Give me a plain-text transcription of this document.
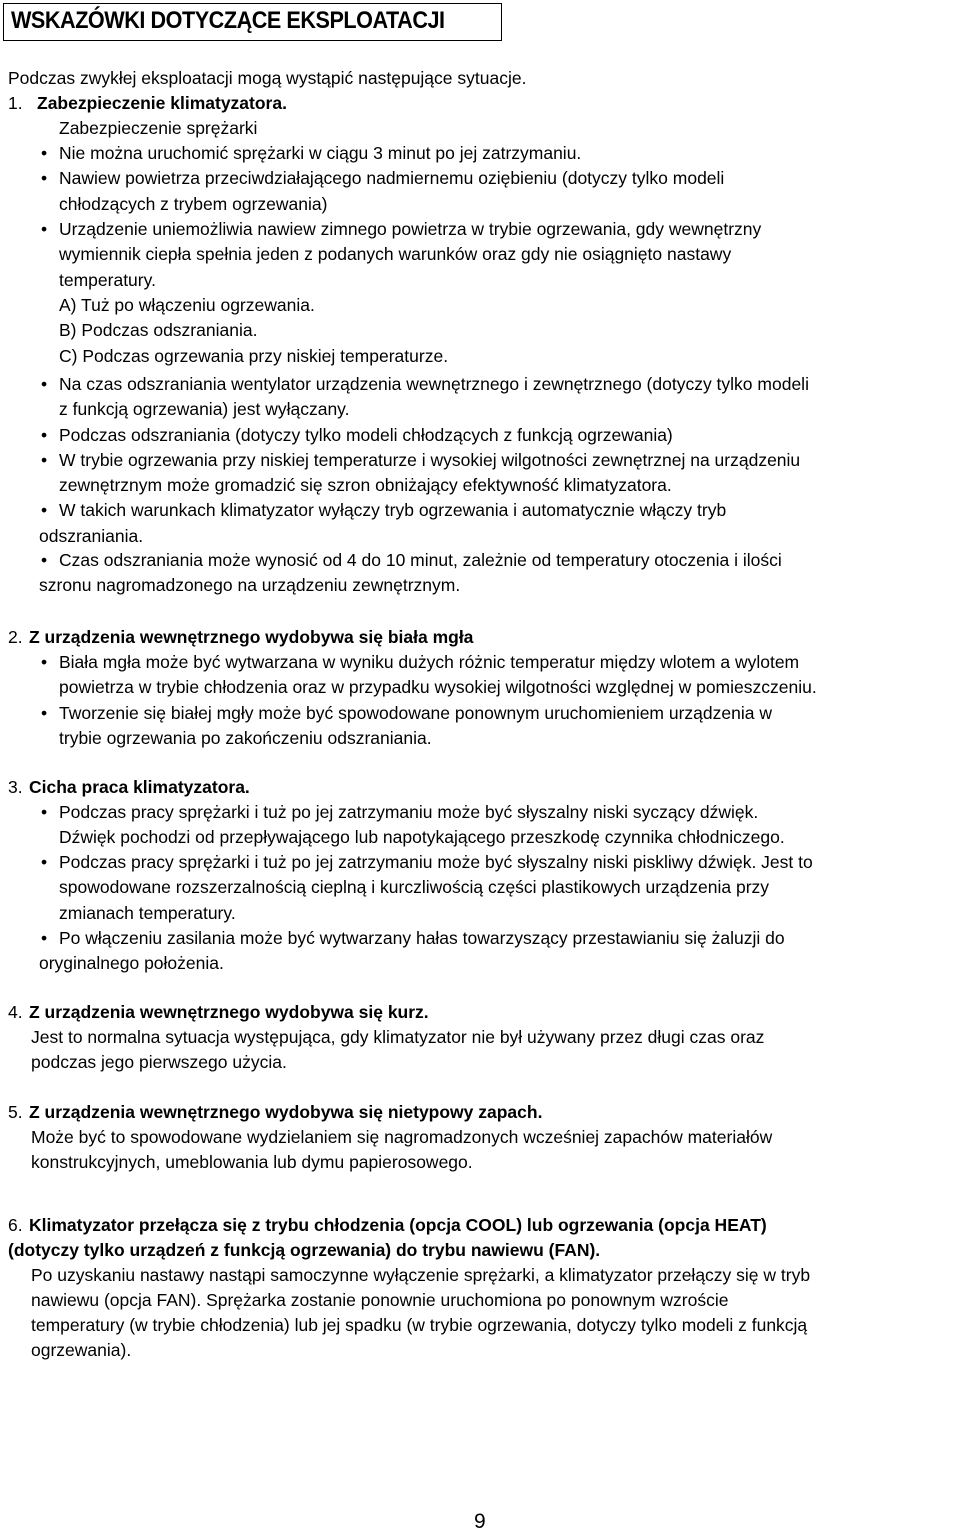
WSKAZÓWKI DOTYCZĄCE EKSPLOATACJI
Podczas zwykłej eksploatacji mogą wystąpić następujące sytuacje.
1. Zabezpieczenie klimatyzatora.
Zabezpieczenie sprężarki
• Nie można uruchomić sprężarki w ciągu 3 minut po jej zatrzymaniu.
• Nawiew powietrza przeciwdziałającego nadmiernemu oziębieniu (dotyczy tylko modeli
chłodzących z trybem ogrzewania)
• Urządzenie uniemożliwia nawiew zimnego powietrza w trybie ogrzewania, gdy wewnętrzny
wymiennik ciepła spełnia jeden z podanych warunków oraz gdy nie osiągnięto nastawy
temperatury.
A) Tuż po włączeniu ogrzewania.
B) Podczas odszraniania.
C) Podczas ogrzewania przy niskiej temperaturze.
• Na czas odszraniania wentylator urządzenia wewnętrznego i zewnętrznego (dotyczy tylko modeli
z funkcją ogrzewania) jest wyłączany.
• Podczas odszraniania (dotyczy tylko modeli chłodzących z funkcją ogrzewania)
• W trybie ogrzewania przy niskiej temperaturze i wysokiej wilgotności zewnętrznej na urządzeniu
zewnętrznym może gromadzić się szron obniżający efektywność klimatyzatora.
• W takich warunkach klimatyzator wyłączy tryb ogrzewania i automatycznie włączy tryb
odszraniania.
• Czas odszraniania może wynosić od 4 do 10 minut, zależnie od temperatury otoczenia i ilości
szronu nagromadzonego na urządzeniu zewnętrznym.
2. Z urządzenia wewnętrznego wydobywa się biała mgła
• Biała mgła może być wytwarzana w wyniku dużych różnic temperatur między wlotem a wylotem
powietrza w trybie chłodzenia oraz w przypadku wysokiej wilgotności względnej w pomieszczeniu.
• Tworzenie się białej mgły może być spowodowane ponownym uruchomieniem urządzenia w
trybie ogrzewania po zakończeniu odszraniania.
3. Cicha praca klimatyzatora.
• Podczas pracy sprężarki i tuż po jej zatrzymaniu może być słyszalny niski syczący dźwięk.
Dźwięk pochodzi od przepływającego lub napotykającego przeszkodę czynnika chłodniczego.
• Podczas pracy sprężarki i tuż po jej zatrzymaniu może być słyszalny niski piskliwy dźwięk. Jest to
spowodowane rozszerzalnością cieplną i kurczliwością części plastikowych urządzenia przy
zmianach temperatury.
• Po włączeniu zasilania może być wytwarzany hałas towarzyszący przestawianiu się żaluzji do
oryginalnego położenia.
4. Z urządzenia wewnętrznego wydobywa się kurz.
Jest to normalna sytuacja występująca, gdy klimatyzator nie był używany przez długi czas oraz
podczas jego pierwszego użycia.
5. Z urządzenia wewnętrznego wydobywa się nietypowy zapach.
Może być to spowodowane wydzielaniem się nagromadzonych wcześniej zapachów materiałów
konstrukcyjnych, umeblowania lub dymu papierosowego.
6. Klimatyzator przełącza się z trybu chłodzenia (opcja COOL) lub ogrzewania (opcja HEAT)
(dotyczy tylko urządzeń z funkcją ogrzewania) do trybu nawiewu (FAN).
Po uzyskaniu nastawy nastąpi samoczynne wyłączenie sprężarki, a klimatyzator przełączy się w tryb
nawiewu (opcja FAN). Sprężarka zostanie ponownie uruchomiona po ponownym wzroście
temperatury (w trybie chłodzenia) lub jej spadku (w trybie ogrzewania, dotyczy tylko modeli z funkcją
ogrzewania).
9
